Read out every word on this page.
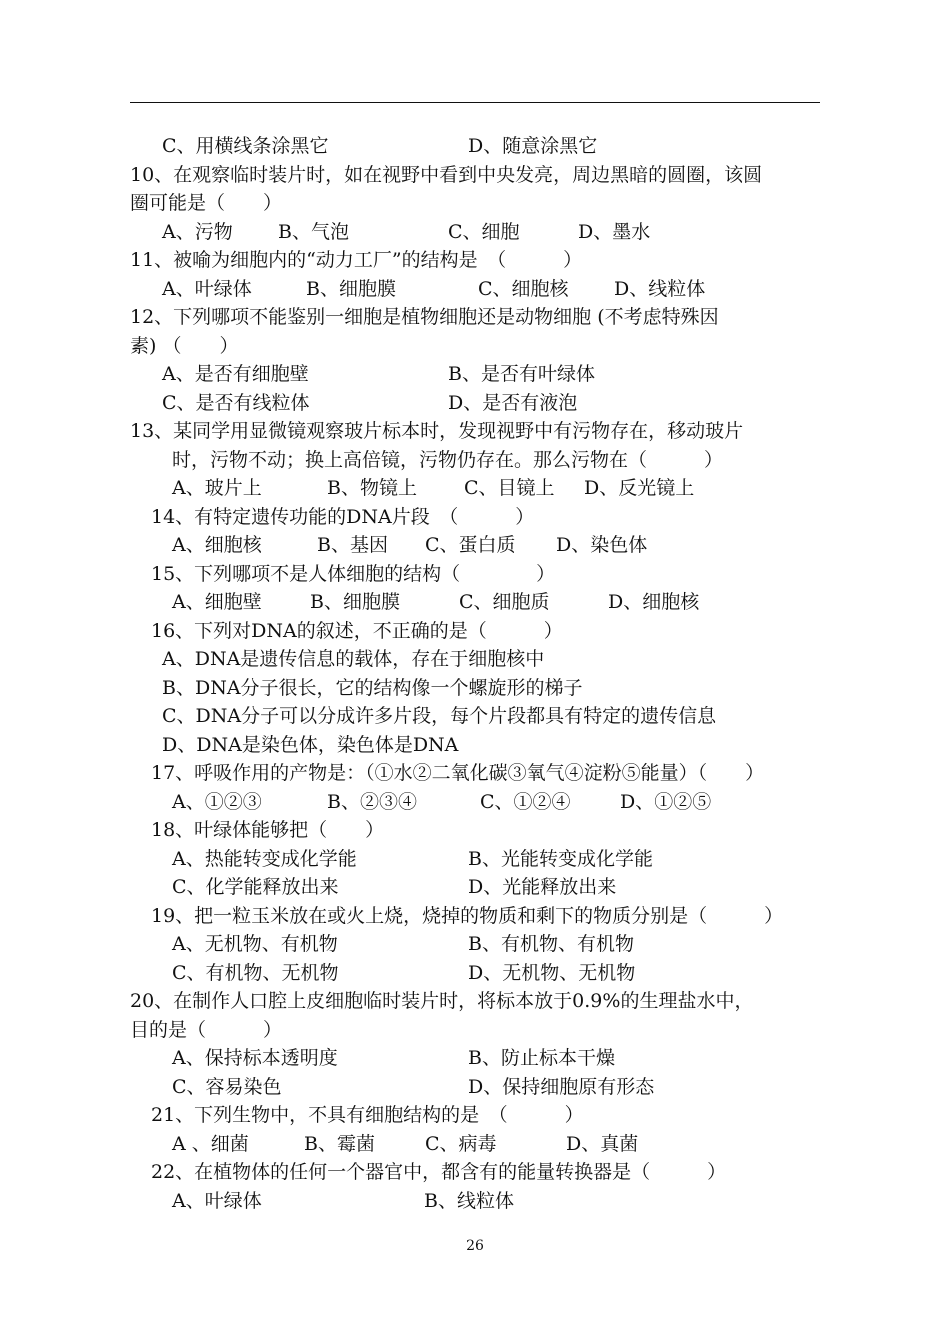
C、用横线条涂黑它	D、随意涂黑它
10、在观察临时装片时，如在视野中看到中央发亮，周边黑暗的圆圈，该圆
圈可能是（　　）
A、污物 B、气泡	C、细胞	D、墨水
11、被喻为细胞内的“动力工厂”的结构是　（　　　）
A、叶绿体	B、细胞膜	C、细胞核 D、线粒体
12、下列哪项不能鉴别一细胞是植物细胞还是动物细胞 (不考虑特殊因
素) （　　）
A、是否有细胞壁	B、是否有叶绿体
C、是否有线粒体	D、是否有液泡
13、某同学用显微镜观察玻片标本时，发现视野中有污物存在，移动玻片
时，污物不动；换上高倍镜，污物仍存在。那么污物在（　　　）
A、玻片上	B、物镜上 C、目镜上 D、反光镜上
14、有特定遗传功能的DNA片段　（　　　）
A、细胞核	B、基因 C、蛋白质 D、染色体
15、下列哪项不是人体细胞的结构（　　　　）
A、细胞壁	B、细胞膜	C、细胞质	D、细胞核
16、下列对DNA的叙述，不正确的是（　　　）
A、DNA是遗传信息的载体，存在于细胞核中
B、DNA分子很长，它的结构像一个螺旋形的梯子
C、DNA分子可以分成许多片段，每个片段都具有特定的遗传信息
D、DNA是染色体，染色体是DNA
17、呼吸作用的产物是：（①水②二氧化碳③氧气④淀粉⑤能量）（　　）
A、①②③	B、②③④	C、①②④	D、①②⑤
18、叶绿体能够把（　　）
A、热能转变成化学能	B、光能转变成化学能
C、化学能释放出来	D、光能释放出来
19、把一粒玉米放在或火上烧，烧掉的物质和剩下的物质分别是（　　　）
A、无机物、有机物	B、有机物、有机物
C、有机物、无机物	D、无机物、无机物
20、在制作人口腔上皮细胞临时装片时，将标本放于0.9%的生理盐水中，
目的是（　　　）
A、保持标本透明度	B、防止标本干燥
C、容易染色	D、保持细胞原有形态
21、下列生物中，不具有细胞结构的是　（　　　）
A 、细菌	B、霉菌	C、病毒	D、真菌
22、在植物体的任何一个器官中，都含有的能量转换器是（　　　）
A、叶绿体	B、线粒体
26
